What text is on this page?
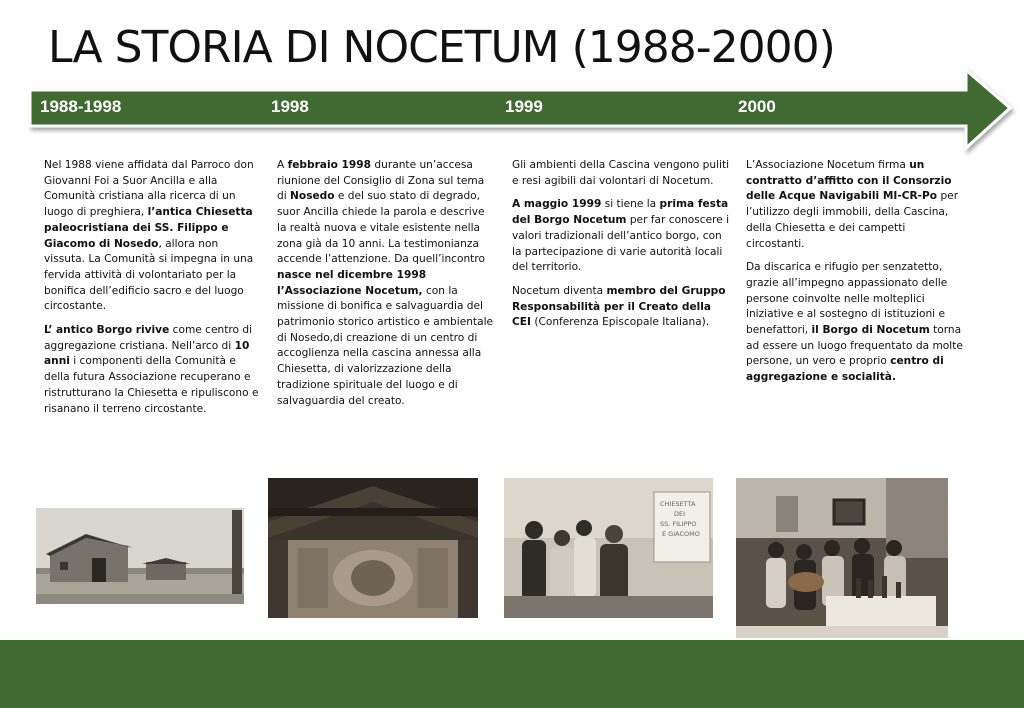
LA STORIA DI NOCETUM (1988-2000)
1988-1998	1998	1999	2000

Nel 1988 viene affidata dal Parroco don Giovanni Foi a Suor Ancilla e alla Comunità cristiana alla ricerca di un luogo di preghiera, l’antica Chiesetta paleocristiana dei SS. Filippo e Giacomo di Nosedo, allora non vissuta. La Comunità si impegna in una fervida attività di volontariato per la bonifica dell’edificio sacro e del luogo circostante.

L’ antico Borgo rivive come centro di aggregazione cristiana. Nell’arco di 10 anni i componenti della Comunità e della futura Associazione recuperano e ristrutturano la Chiesetta e ripuliscono e risanano il terreno circostante.

A febbraio 1998 durante un’accesa riunione del Consiglio di Zona sul tema di Nosedo e del suo stato di degrado, suor Ancilla chiede la parola e descrive la realtà nuova e vitale esistente nella zona già da 10 anni. La testimonianza accende l’attenzione. Da quell’incontro nasce nel dicembre 1998 l’Associazione Nocetum, con la missione di bonifica e salvaguardia del patrimonio storico artistico e ambientale di Nosedo,di creazione di un centro di accoglienza nella cascina annessa alla Chiesetta, di valorizzazione della tradizione spirituale del luogo e di salvaguardia del creato.

Gli ambienti della Cascina vengono puliti e resi agibili dai volontari di Nocetum.

A maggio 1999 si tiene la prima festa del Borgo Nocetum per far conoscere i valori tradizionali dell’antico borgo, con la partecipazione di varie autorità locali del territorio.

Nocetum diventa membro del Gruppo Responsabilità per il Creato della CEI (Conferenza Episcopale Italiana).

L’Associazione Nocetum firma un contratto d’affitto con il Consorzio delle Acque Navigabili MI-CR-Po per l’utilizzo degli immobili, della Cascina, della Chiesetta e dei campetti circostanti.

Da discarica e rifugio per senzatetto, grazie all’impegno appassionato delle persone coinvolte nelle molteplici iniziative e al sostegno di istituzioni e benefattori, il Borgo di Nocetum torna ad essere un luogo frequentato da molte persone, un vero e proprio centro di aggregazione e socialità.

CHIESETTA
DEI
SS. FILIPPO
E GIACOMO
